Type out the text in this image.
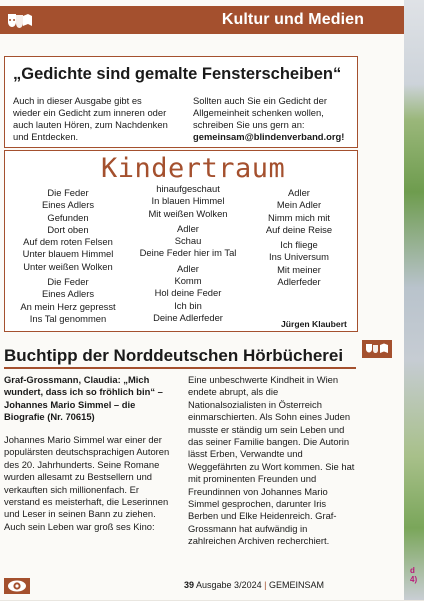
Kultur und Medien
„Gedichte sind gemalte Fensterscheiben“
Auch in dieser Ausgabe gibt es wieder ein Gedicht zum inneren oder auch lauten Hören, zum Nachdenken und Entdecken.
Sollten auch Sie ein Gedicht der Allgemeinheit schenken wollen, schreiben Sie uns gern an: gemeinsam@blindenverband.org!
Kindertraum
Die Feder
Eines Adlers
Gefunden
Dort oben
Auf dem roten Felsen
Unter blauem Himmel
Unter weißen Wolken
Die Feder
Eines Adlers
An mein Herz gepresst
Ins Tal genommen
hinaufgeschaut
In blauen Himmel
Mit weißen Wolken
Adler
Schau
Deine Feder hier im Tal
Adler
Komm
Hol deine Feder
Ich bin
Deine Adlerfeder
Adler
Mein Adler
Nimm mich mit
Auf deine Reise
Ich fliege
Ins Universum
Mit meiner
Adlerfeder
Jürgen Klaubert
Buchtipp der Norddeutschen Hörbücherei
Graf-Grossmann, Claudia: „Mich wundert, dass ich so fröhlich bin“ – Johannes Mario Simmel – die Biografie (Nr. 70615)
Johannes Mario Simmel war einer der populärsten deutschsprachigen Autoren des 20. Jahrhunderts. Seine Romane wurden allesamt zu Bestsellern und verkauften sich millionenfach. Er verstand es meisterhaft, die Leserinnen und Leser in seinen Bann zu ziehen. Auch sein Leben war groß ses Kino:
Eine unbeschwerte Kindheit in Wien endete abrupt, als die Nationalsozialisten in Österreich einmarschierten. Als Sohn eines Juden musste er ständig um sein Leben und das seiner Familie bangen. Die Autorin lässt Erben, Verwandte und Weggefährten zu Wort kommen. Sie hat mit prominenten Freunden und Freundinnen von Johannes Mario Simmel gesprochen, darunter Iris Berben und Elke Heidenreich. Graf-Grossmann hat aufwändig in zahlreichen Archiven recherchiert.
39 Ausgabe 3/2024 | GEMEINSAM
d 4)
